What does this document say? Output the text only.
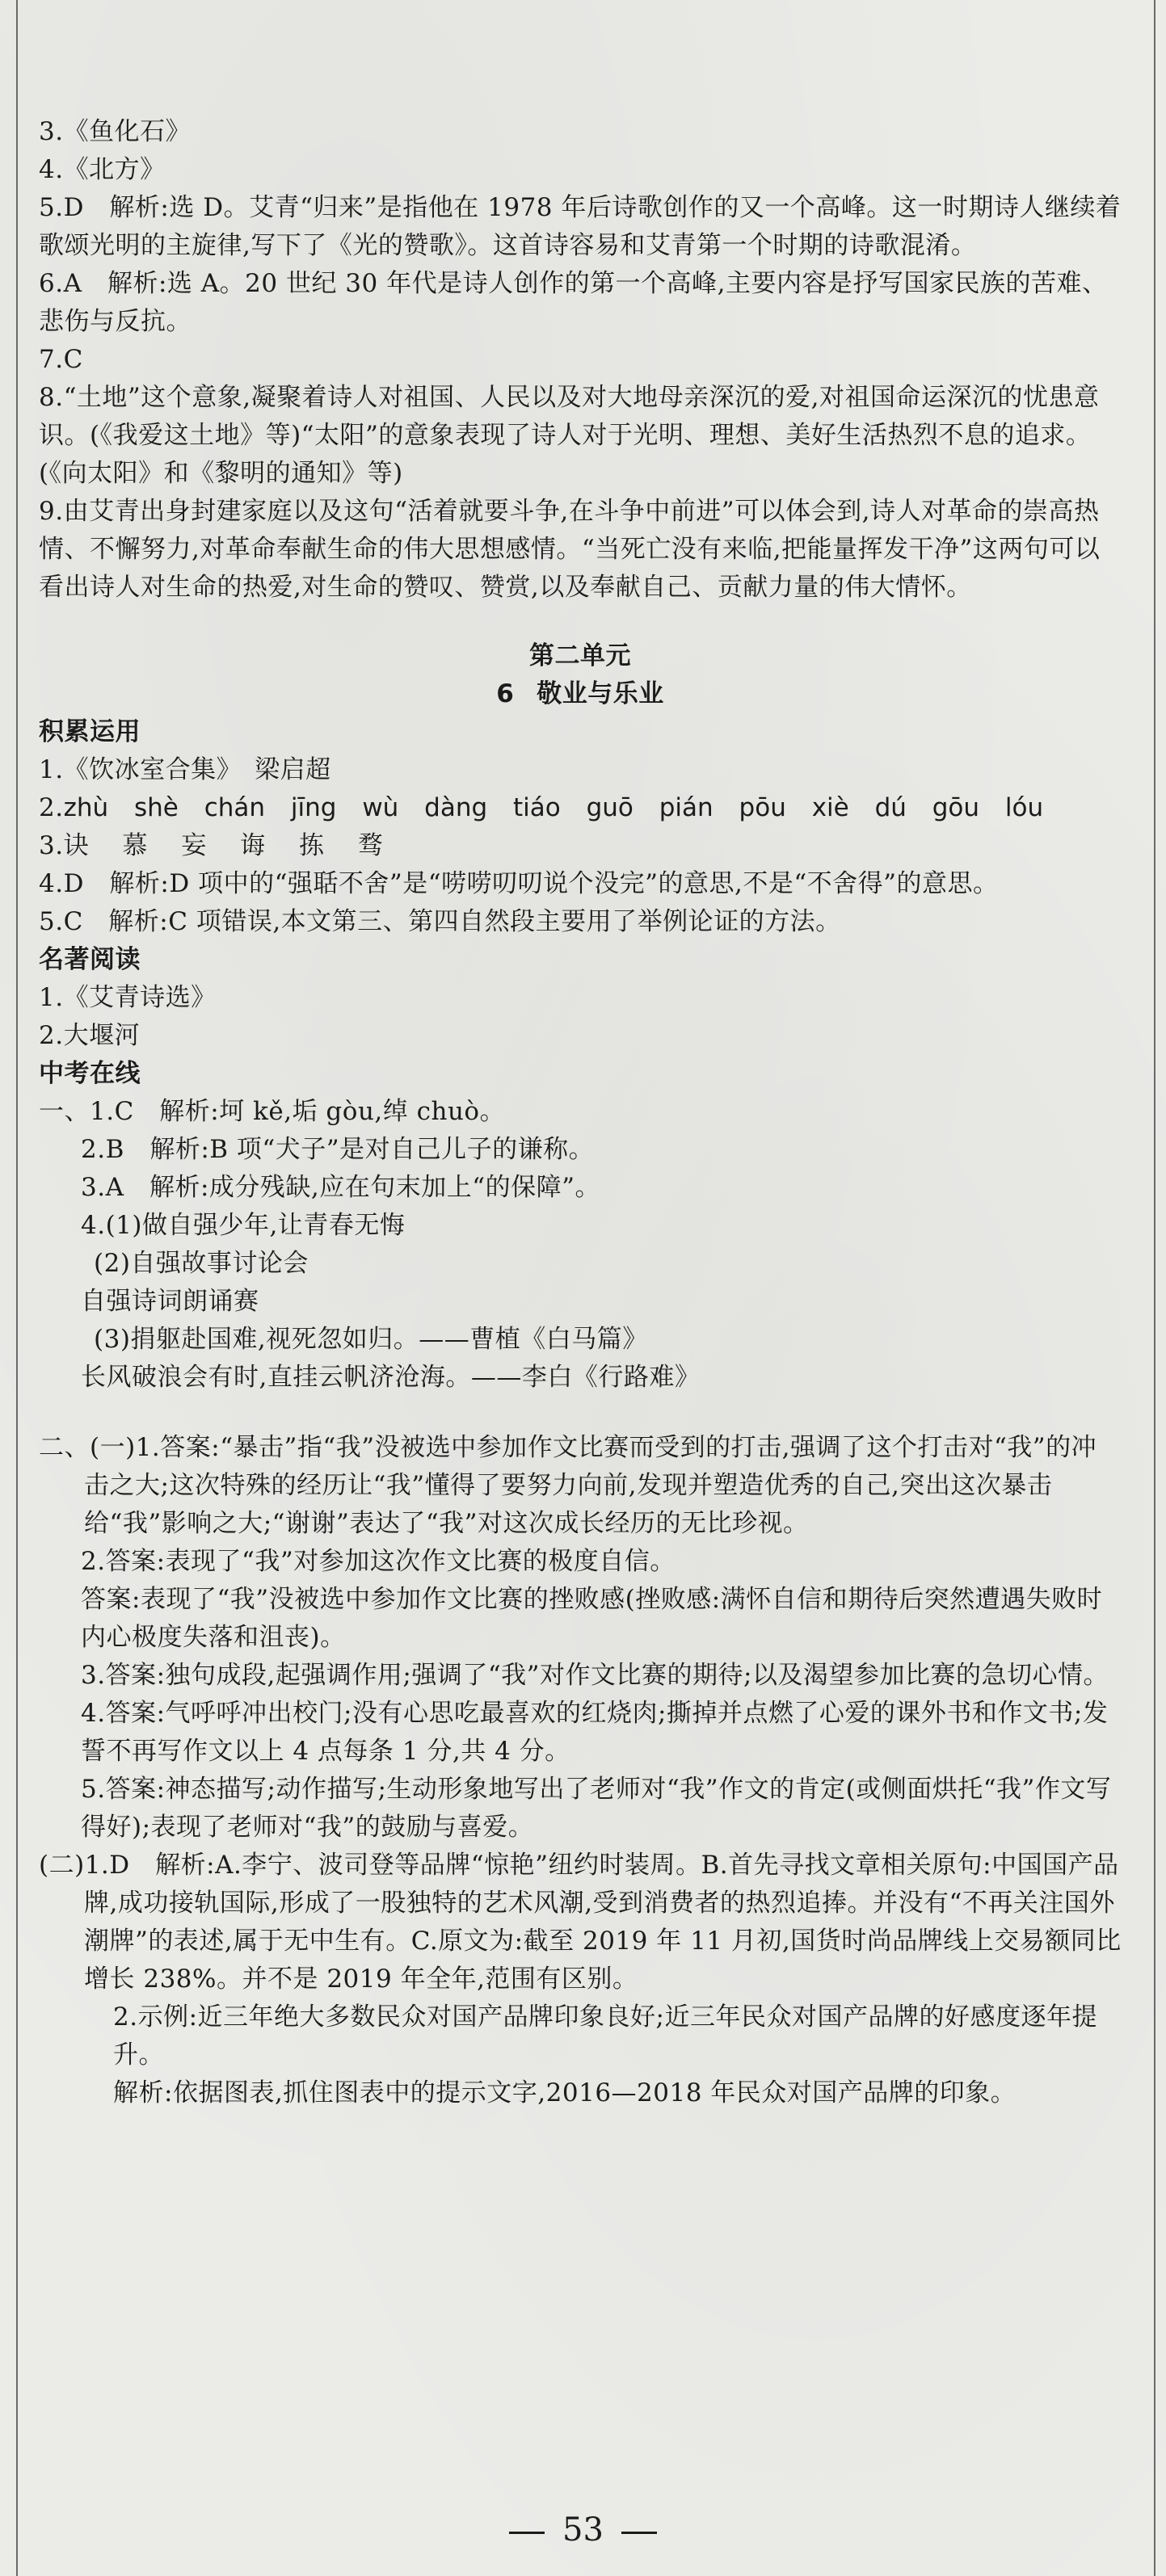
3.《鱼化石》

4.《北方》

5.D　解析:选 D。艾青“归来”是指他在 1978 年后诗歌创作的又一个高峰。这一时期诗人继续着歌颂光明的主旋律,写下了《光的赞歌》。这首诗容易和艾青第一个时期的诗歌混淆。

6.A　解析:选 A。20 世纪 30 年代是诗人创作的第一个高峰,主要内容是抒写国家民族的苦难、悲伤与反抗。

7.C

8.“土地”这个意象,凝聚着诗人对祖国、人民以及对大地母亲深沉的爱,对祖国命运深沉的忧患意识。(《我爱这土地》等)“太阳”的意象表现了诗人对于光明、理想、美好生活热烈不息的追求。(《向太阳》和《黎明的通知》等)

9.由艾青出身封建家庭以及这句“活着就要斗争,在斗争中前进”可以体会到,诗人对革命的崇高热情、不懈努力,对革命奉献生命的伟大思想感情。“当死亡没有来临,把能量挥发干净”这两句可以看出诗人对生命的热爱,对生命的赞叹、赞赏,以及奉献自己、贡献力量的伟大情怀。

第二单元

6 敬业与乐业

积累运用

1.《饮冰室合集》　梁启超

2.zhù shè chán jīng wù dàng tiáo guō pián pōu xiè dú gōu lóu

3.诀 慕 妄 诲 拣 骛

4.D　解析:D 项中的“强聒不舍”是“唠唠叨叨说个没完”的意思,不是“不舍得”的意思。

5.C　解析:C 项错误,本文第三、第四自然段主要用了举例论证的方法。

名著阅读

1.《艾青诗选》

2.大堰河

中考在线

一、1.C　解析:坷 kě,垢 gòu,绰 chuò。

2.B　解析:B 项“犬子”是对自己儿子的谦称。

3.A　解析:成分残缺,应在句末加上“的保障”。

4.(1)做自强少年,让青春无悔

(2)自强故事讨论会

自强诗词朗诵赛

(3)捐躯赴国难,视死忽如归。——曹植《白马篇》

长风破浪会有时,直挂云帆济沧海。——李白《行路难》

二、(一)1.答案:“暴击”指“我”没被选中参加作文比赛而受到的打击,强调了这个打击对“我”的冲击之大;这次特殊的经历让“我”懂得了要努力向前,发现并塑造优秀的自己,突出这次暴击给“我”影响之大;“谢谢”表达了“我”对这次成长经历的无比珍视。

2.答案:表现了“我”对参加这次作文比赛的极度自信。

答案:表现了“我”没被选中参加作文比赛的挫败感(挫败感:满怀自信和期待后突然遭遇失败时内心极度失落和沮丧)。

3.答案:独句成段,起强调作用;强调了“我”对作文比赛的期待;以及渴望参加比赛的急切心情。

4.答案:气呼呼冲出校门;没有心思吃最喜欢的红烧肉;撕掉并点燃了心爱的课外书和作文书;发誓不再写作文以上 4 点每条 1 分,共 4 分。

5.答案:神态描写;动作描写;生动形象地写出了老师对“我”作文的肯定(或侧面烘托“我”作文写得好);表现了老师对“我”的鼓励与喜爱。

(二)1.D　解析:A.李宁、波司登等品牌“惊艳”纽约时装周。B.首先寻找文章相关原句:中国国产品牌,成功接轨国际,形成了一股独特的艺术风潮,受到消费者的热烈追捧。并没有“不再关注国外潮牌”的表述,属于无中生有。C.原文为:截至 2019 年 11 月初,国货时尚品牌线上交易额同比增长 238%。并不是 2019 年全年,范围有区别。

2.示例:近三年绝大多数民众对国产品牌印象良好;近三年民众对国产品牌的好感度逐年提升。

解析:依据图表,抓住图表中的提示文字,2016—2018 年民众对国产品牌的印象。

53
